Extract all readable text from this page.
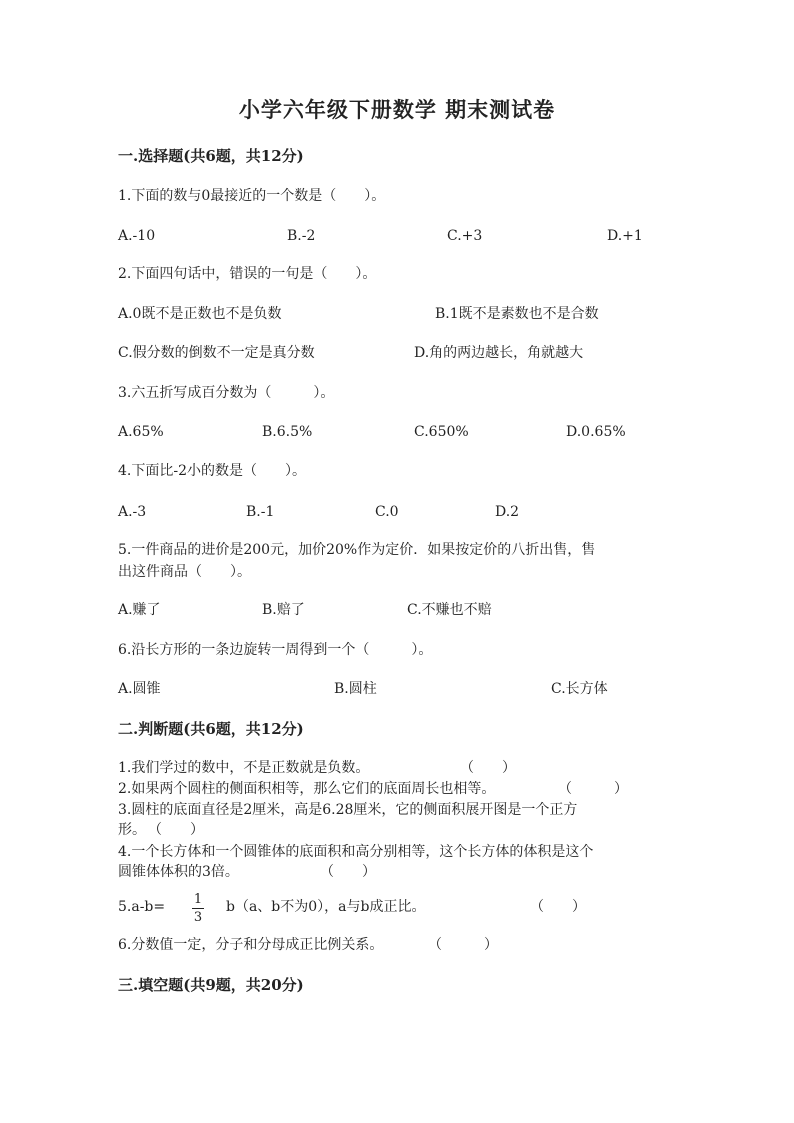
小学六年级下册数学 期末测试卷
一.选择题(共6题，共12分)
1.下面的数与0最接近的一个数是（　　）。
A.-10	B.-2	C.+3	D.+1
2.下面四句话中，错误的一句是（　　）。
A.0既不是正数也不是负数	B.1既不是素数也不是合数
C.假分数的倒数不一定是真分数	D.角的两边越长，角就越大
3.六五折写成百分数为（　　　）。
A.65%	B.6.5%	C.650%	D.0.65%
4.下面比-2小的数是（　　）。
A.-3	B.-1	C.0	D.2
5.一件商品的进价是200元，加价20%作为定价．如果按定价的八折出售，售
出这件商品（　　）。
A.赚了	B.赔了	C.不赚也不赔
6.沿长方形的一条边旋转一周得到一个（　　　）。
A.圆锥	B.圆柱	C.长方体
二.判断题(共6题，共12分)
1.我们学过的数中，不是正数就是负数。	（　　）
2.如果两个圆柱的侧面积相等，那么它们的底面周长也相等。	（　　　）
3.圆柱的底面直径是2厘米，高是6.28厘米，它的侧面积展开图是一个正方
形。 （　　）
4.一个长方体和一个圆锥体的底面积和高分别相等，这个长方体的体积是这个
圆锥体体积的3倍。	（　　）
5.a-b= 1
3
b（a、b不为0），a与b成正比。	（　　）
6.分数值一定，分子和分母成正比例关系。	（　　　）
三.填空题(共9题，共20分)
